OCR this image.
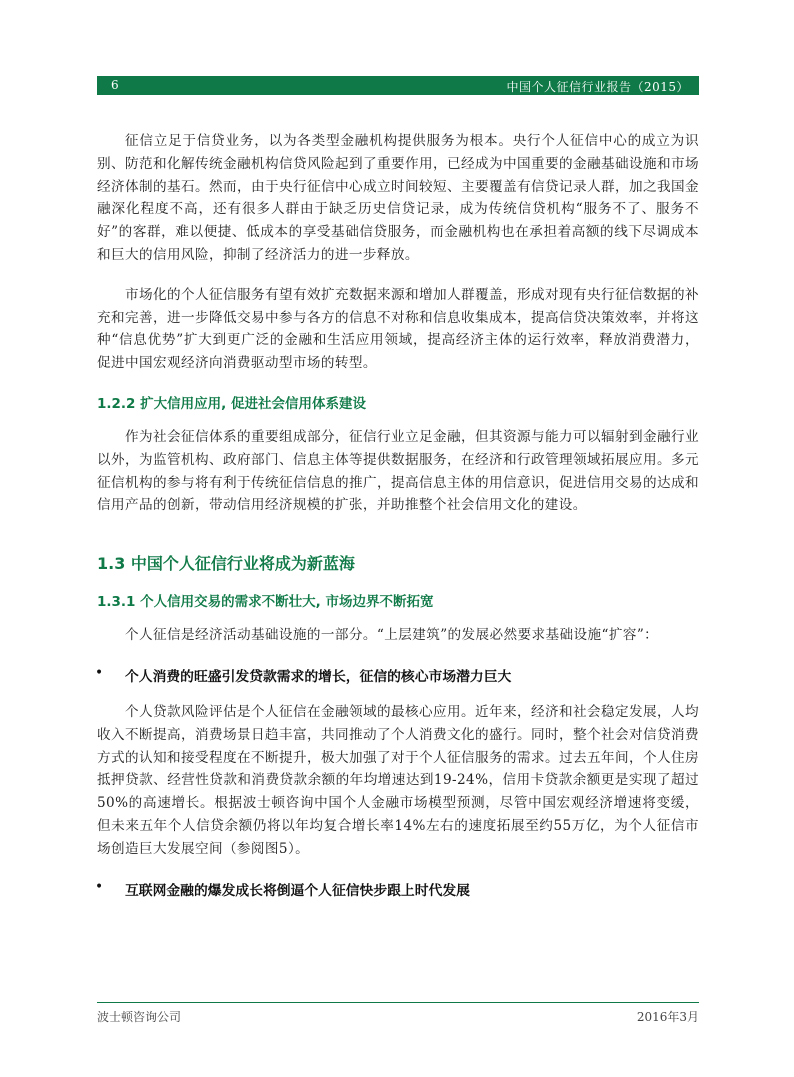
6	中国个人征信行业报告（2015）

征信立足于信贷业务，以为各类型金融机构提供服务为根本。央行个人征信中心的成立为识别、防范和化解传统金融机构信贷风险起到了重要作用，已经成为中国重要的金融基础设施和市场经济体制的基石。然而，由于央行征信中心成立时间较短、主要覆盖有信贷记录人群，加之我国金融深化程度不高，还有很多人群由于缺乏历史信贷记录，成为传统信贷机构“服务不了、服务不好”的客群，难以便捷、低成本的享受基础信贷服务，而金融机构也在承担着高额的线下尽调成本和巨大的信用风险，抑制了经济活力的进一步释放。

市场化的个人征信服务有望有效扩充数据来源和增加人群覆盖，形成对现有央行征信数据的补充和完善，进一步降低交易中参与各方的信息不对称和信息收集成本，提高信贷决策效率，并将这种“信息优势”扩大到更广泛的金融和生活应用领域，提高经济主体的运行效率，释放消费潜力，促进中国宏观经济向消费驱动型市场的转型。

1.2.2 扩大信用应用, 促进社会信用体系建设

作为社会征信体系的重要组成部分，征信行业立足金融，但其资源与能力可以辐射到金融行业以外，为监管机构、政府部门、信息主体等提供数据服务，在经济和行政管理领域拓展应用。多元征信机构的参与将有利于传统征信信息的推广，提高信息主体的用信意识，促进信用交易的达成和信用产品的创新，带动信用经济规模的扩张，并助推整个社会信用文化的建设。

1.3 中国个人征信行业将成为新蓝海
1.3.1 个人信用交易的需求不断壮大, 市场边界不断拓宽

个人征信是经济活动基础设施的一部分。“上层建筑”的发展必然要求基础设施“扩容”：

• 个人消费的旺盛引发贷款需求的增长，征信的核心市场潜力巨大

个人贷款风险评估是个人征信在金融领域的最核心应用。近年来，经济和社会稳定发展，人均收入不断提高，消费场景日趋丰富，共同推动了个人消费文化的盛行。同时，整个社会对信贷消费方式的认知和接受程度在不断提升，极大加强了对于个人征信服务的需求。过去五年间，个人住房抵押贷款、经营性贷款和消费贷款余额的年均增速达到19-24%，信用卡贷款余额更是实现了超过50%的高速增长。根据波士顿咨询中国个人金融市场模型预测，尽管中国宏观经济增速将变缓，但未来五年个人信贷余额仍将以年均复合增长率14%左右的速度拓展至约55万亿，为个人征信市场创造巨大发展空间（参阅图5）。

• 互联网金融的爆发成长将倒逼个人征信快步跟上时代发展
波士顿咨询公司	2016年3月
